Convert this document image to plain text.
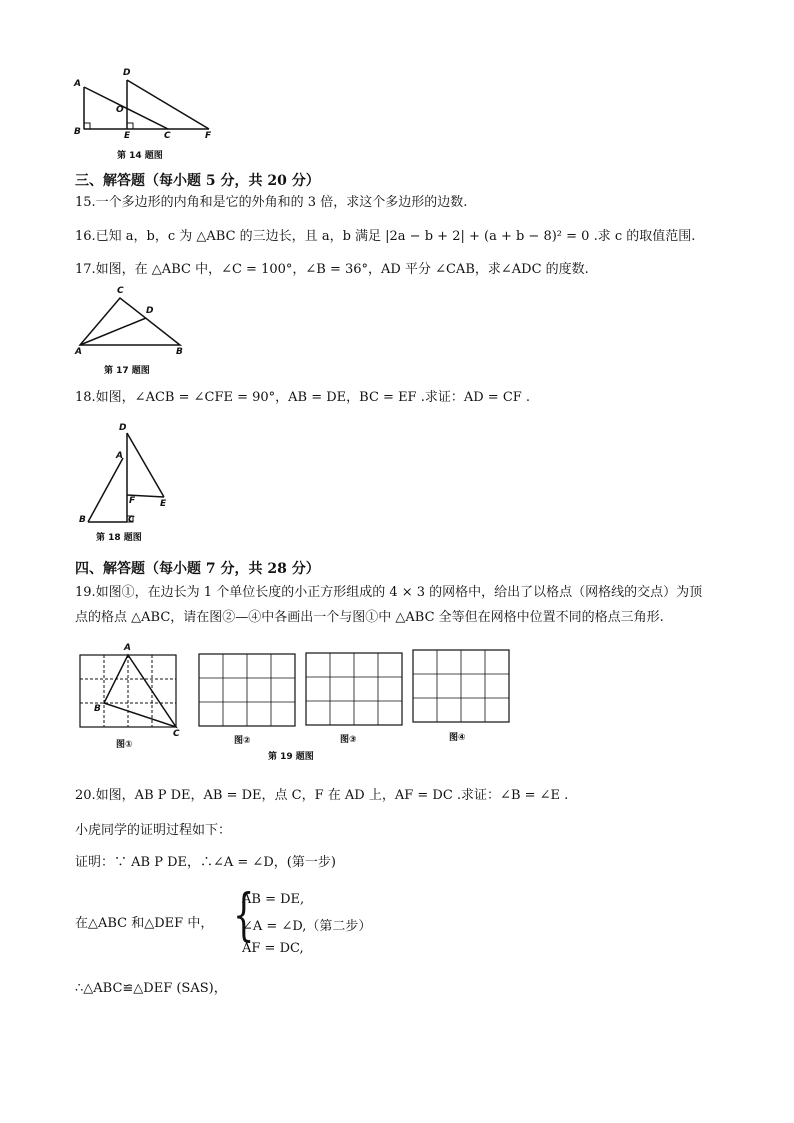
A
B
D
O
E	C	F
第 14 题图
三、解答题（每小题 5 分，共 20 分）
15.一个多边形的内角和是它的外角和的 3 倍，求这个多边形的边数.
16.已知 a，b，c 为 △ABC 的三边长，且 a，b 满足 |2a − b + 2| + (a + b − 8)² = 0 .求 c 的取值范围.
17.如图，在 △ABC 中，∠C = 100°，∠B = 36°，AD 平分 ∠CAB，求∠ADC 的度数.
C
D
A	B
第 17 题图
18.如图，∠ACB = ∠CFE = 90°，AB = DE，BC = EF .求证：AD = CF .
D
A
F	E
B	C
第 18 题图
四、解答题（每小题 7 分，共 28 分）
19.如图①，在边长为 1 个单位长度的小正方形组成的 4 × 3 的网格中，给出了以格点（网格线的交点）为顶
点的格点 △ABC，请在图②—④中各画出一个与图①中 △ABC 全等但在网格中位置不同的格点三角形.
A
B
C
图①	图②	图③	图④
第 19 题图
20.如图，AB P DE，AB = DE，点 C，F 在 AD 上，AF = DC .求证：∠B = ∠E .
小虎同学的证明过程如下：
证明：∵ AB P DE，∴∠A = ∠D，(第一步)
在△ABC 和△DEF 中， {
AB = DE,
∠A = ∠D,（第二步）
AF = DC,
∴△ABC≌△DEF (SAS)，
